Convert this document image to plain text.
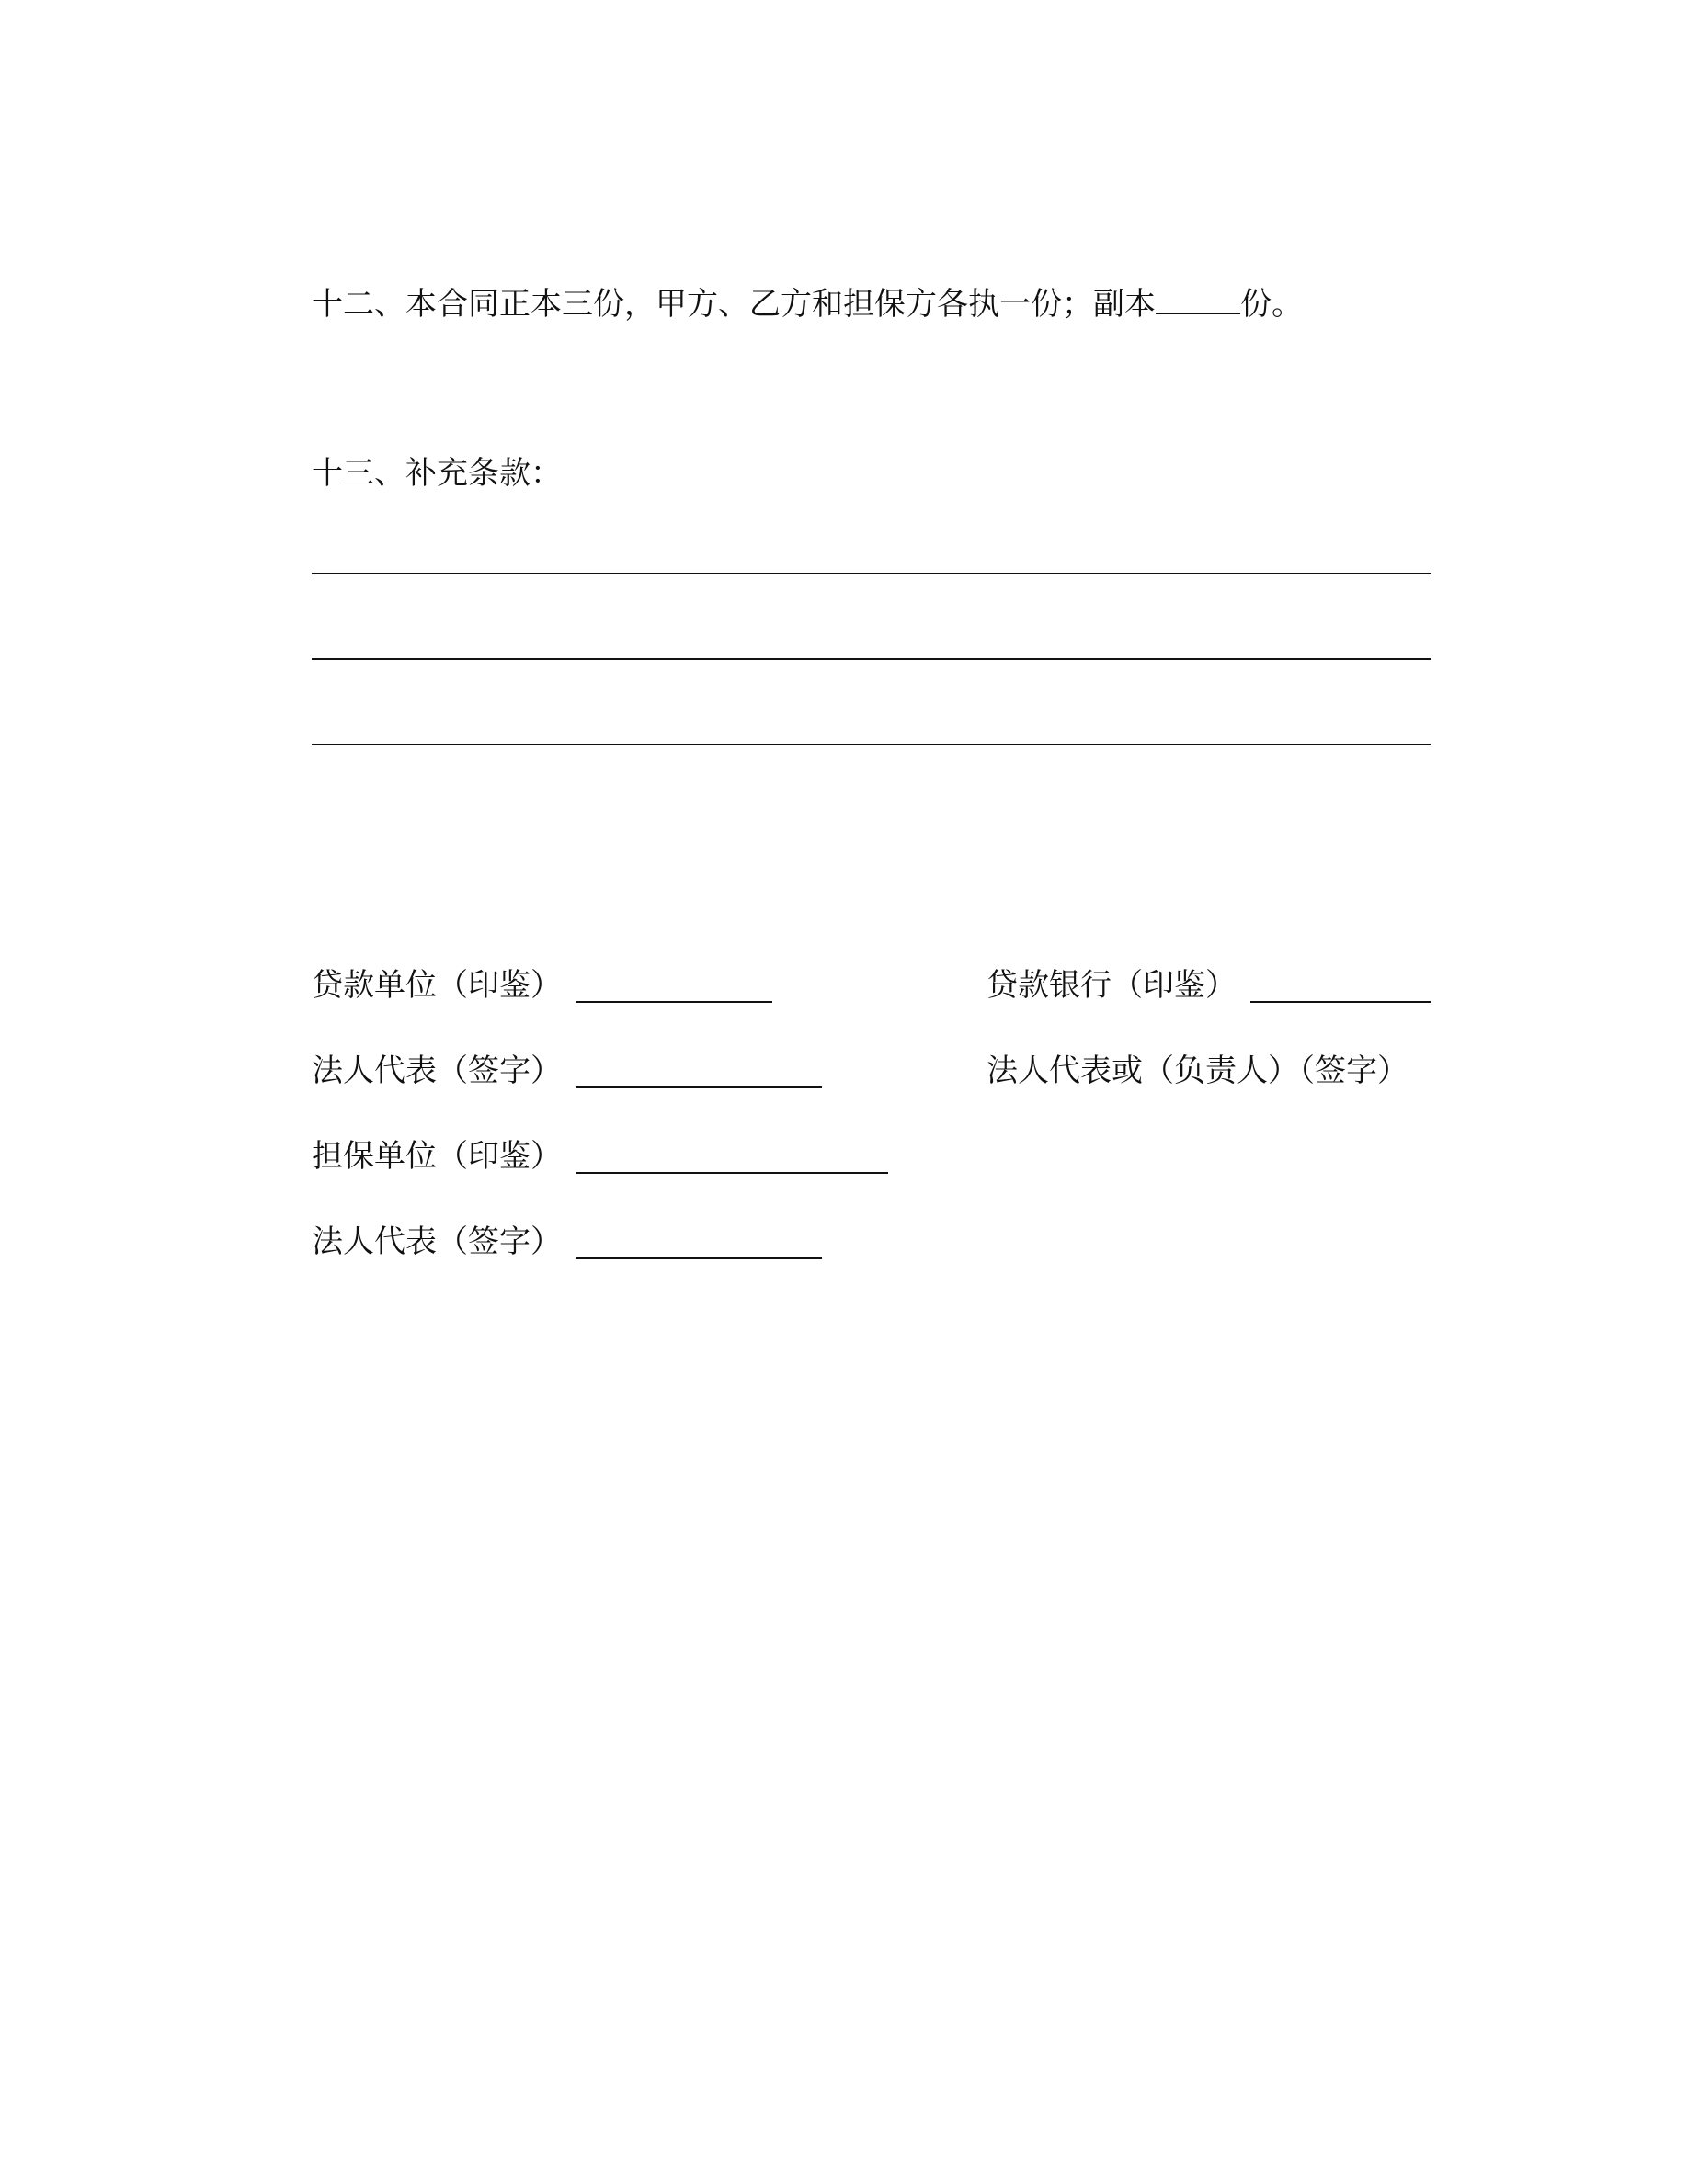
十二、本合同正本三份，甲方、乙方和担保方各执一份；副本	份。
十三、补充条款：
贷款单位（印鉴）
法人代表（签字）
担保单位（印鉴）
法人代表（签字）
贷款银行（印鉴）
法人代表或（负责人）（签字）
